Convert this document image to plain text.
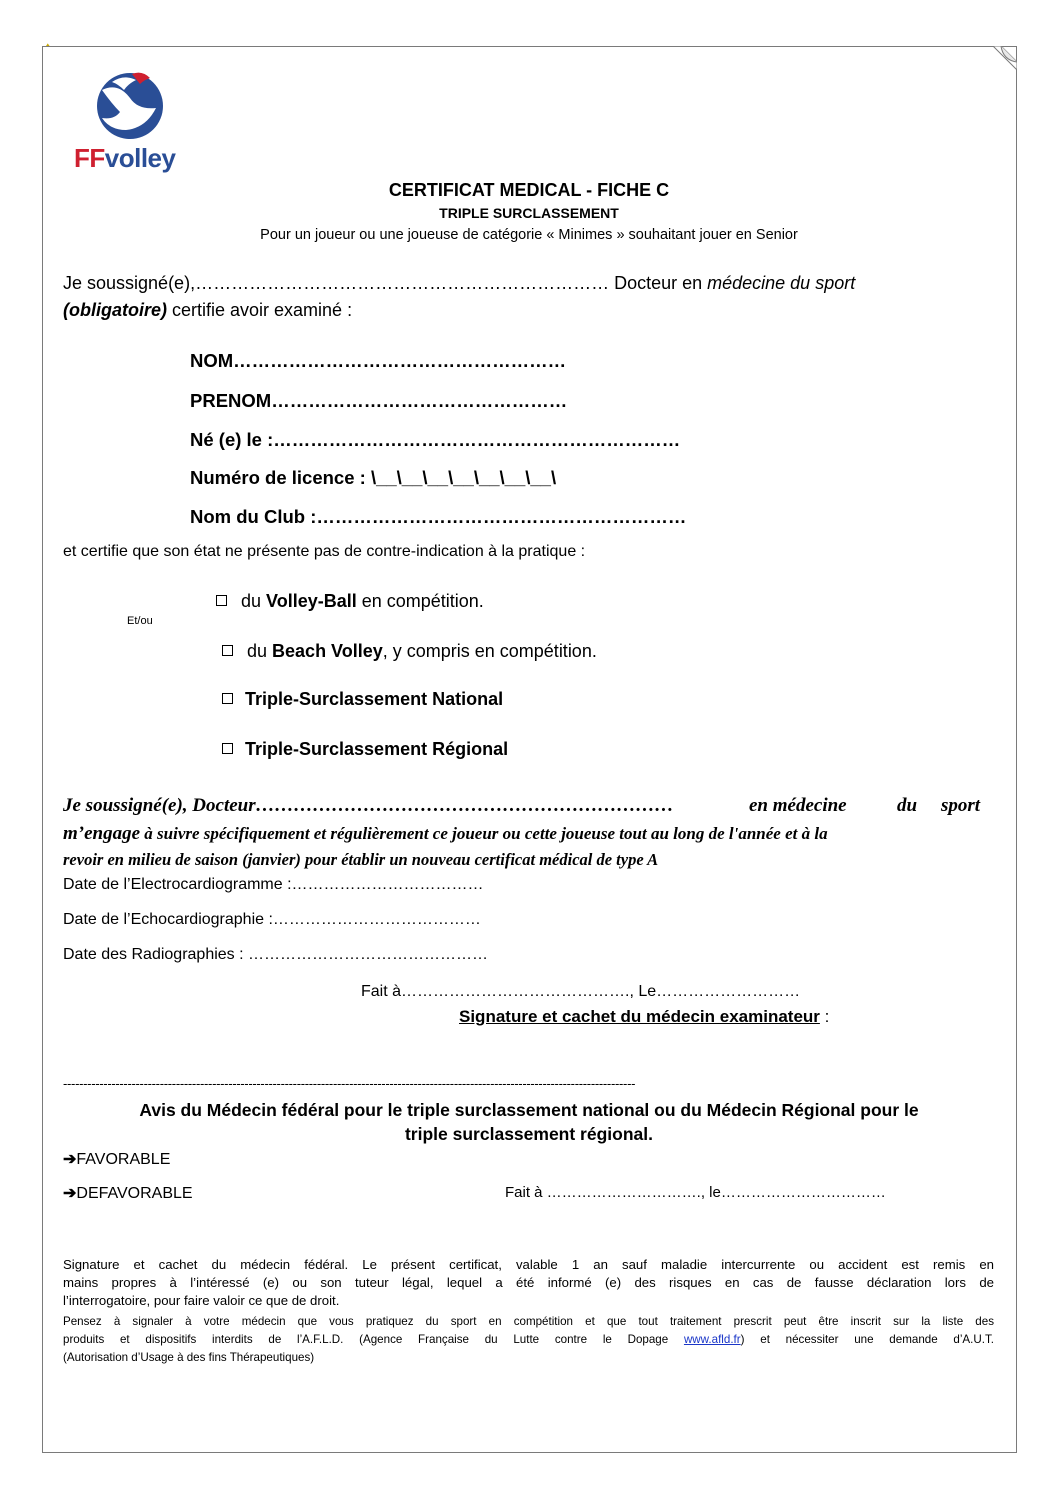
FFvolley
CERTIFICAT MEDICAL - FICHE C
TRIPLE SURCLASSEMENT
Pour un joueur ou une joueuse de catégorie « Minimes » souhaitant jouer en Senior
Je soussigné(e),…………………………………………………………… Docteur en médecine du sport
(obligatoire) certifie avoir examiné :
NOM………………………………………………
PRENOM…………………………………………
Né (e) le :…………………………………………………………
Numéro de licence : \__\__\__\__\__\__\__\
Nom du Club :……………………………………………………
et certifie que son état ne présente pas de contre-indication à la pratique :
Et/ou
du Volley-Ball en compétition.
du Beach Volley, y compris en compétition.
Triple-Surclassement National
Triple-Surclassement Régional
Je soussigné(e), Docteur…………………………………………………………	en médecine	du sport
m’engage à suivre spécifiquement et régulièrement ce joueur ou cette joueuse tout au long de l'année et à la
revoir en milieu de saison (janvier) pour établir un nouveau certificat médical de type A
Date de l’Electrocardiogramme :………………………………
Date de l’Echocardiographie :…………………………………
Date des Radiographies : ………………………………………
Fait à……………………………………., Le………………………
Signature et cachet du médecin examinateur :
----------------------------------------------------------------------------------------------------------------------------------------------
Avis du Médecin fédéral pour le triple surclassement national ou du Médecin Régional pour le
triple surclassement régional.
➔FAVORABLE
➔DEFAVORABLE	Fait à …………………………., le……………………………
Signature et cachet du médecin fédéral. Le présent certificat, valable 1 an sauf maladie intercurrente ou accident est remis en
mains propres à l’intéressé (e) ou son tuteur légal, lequel a été informé (e) des risques en cas de fausse déclaration lors de
l’interrogatoire, pour faire valoir ce que de droit.
Pensez à signaler à votre médecin que vous pratiquez du sport en compétition et que tout traitement prescrit peut être inscrit sur la liste des
produits et dispositifs interdits de l’A.F.L.D. (Agence Française du Lutte contre le Dopage www.afld.fr) et nécessiter une demande d’A.U.T.
(Autorisation d’Usage à des fins Thérapeutiques)
